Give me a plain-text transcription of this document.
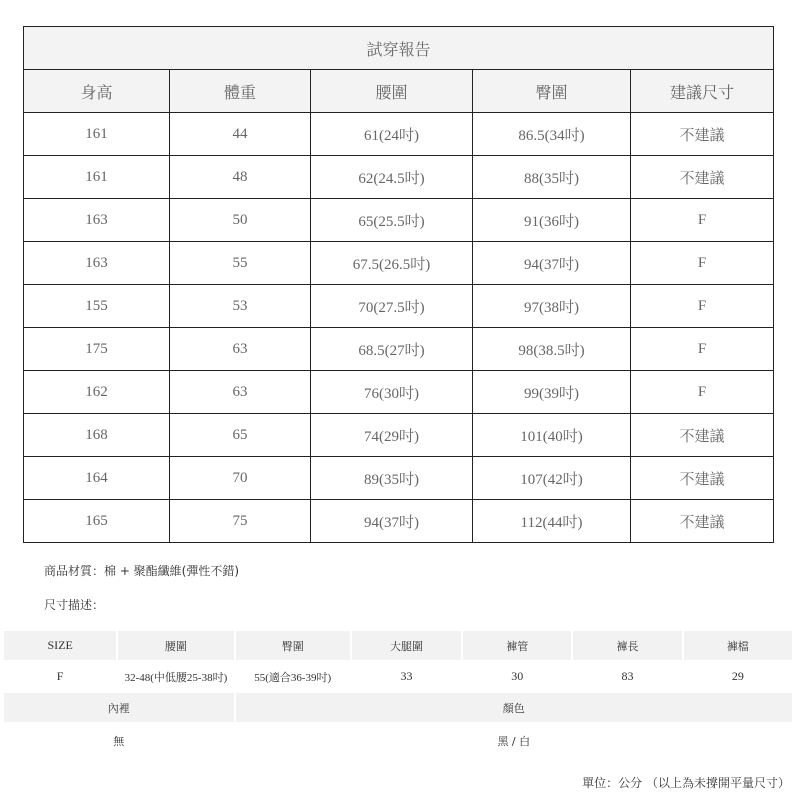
試穿報告				
身高	體重	腰圍	臀圍	建議尺寸
161	44	61(24吋)	86.5(34吋)	不建議
161	48	62(24.5吋)	88(35吋)	不建議
163	50	65(25.5吋)	91(36吋)	F
163	55	67.5(26.5吋)	94(37吋)	F
155	53	70(27.5吋)	97(38吋)	F
175	63	68.5(27吋)	98(38.5吋)	F
162	63	76(30吋)	99(39吋)	F
168	65	74(29吋)	101(40吋)	不建議
164	70	89(35吋)	107(42吋)	不建議
165	75	94(37吋)	112(44吋)	不建議
商品材質：棉 + 聚酯纖維(彈性不錯)
尺寸描述：
SIZE	腰圍	臀圍	大腿圍	褲管	褲長	褲檔
F	32-48(中低腰25-38吋)	55(適合36-39吋)	33	30	83	29
內裡		顏色				
無		黑 / 白				
單位：公分 （以上為未撐開平量尺寸）
